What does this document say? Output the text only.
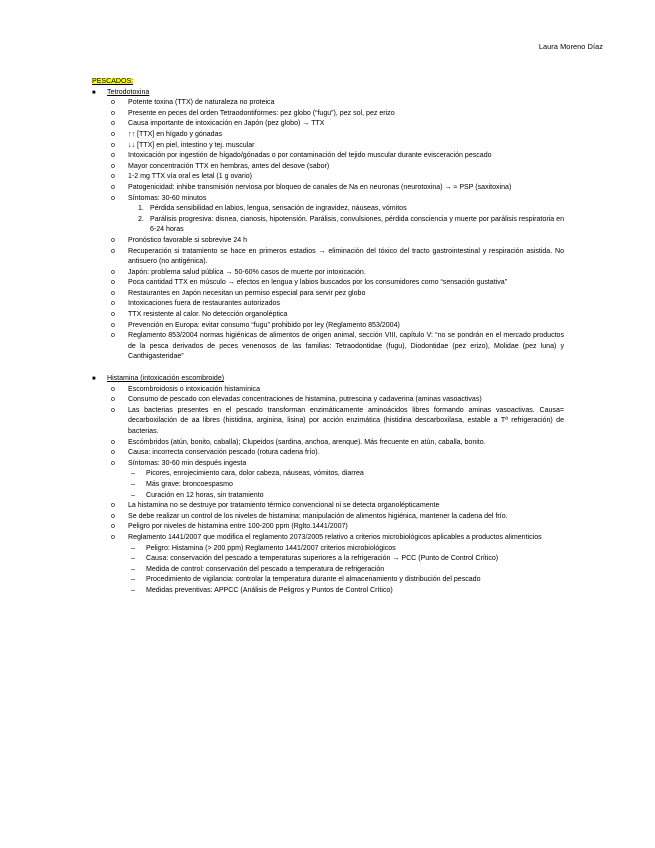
Laura Moreno Díaz

PESCADOS:

■ Tetrodotoxina
o Potente toxina (TTX) de naturaleza no proteica
o Presente en peces del orden Tetraodontiformes: pez globo (“fugu”), pez sol, pez erizo
o Causa importante de intoxicación en Japón (pez globo) → TTX
o ↑↑ [TTX] en hígado y gónadas
o ↓↓ [TTX] en piel, intestino y tej. muscular
o Intoxicación por ingestión de hígado/gónadas o por contaminación del tejido muscular durante evisceración pescado
o Mayor concentración TTX en hembras, antes del desove (sabor)
o 1-2 mg TTX vía oral es letal (1 g ovario)
o Patogenicidad: inhibe transmisión nerviosa por bloqueo de canales de Na en neuronas (neurotoxina) → ≈ PSP (saxitoxina)
o Síntomas: 30-60 minutos
1. Pérdida sensibilidad en labios, lengua, sensación de ingravidez, náuseas, vómitos
2. Parálisis progresiva: disnea, cianosis, hipotensión. Parálisis, convulsiones, pérdida consciencia y muerte por parálisis respiratoria en 6-24 horas
o Pronóstico favorable si sobrevive 24 h
o Recuperación si tratamiento se hace en primeros estadios → eliminación del tóxico del tracto gastrointestinal y respiración asistida. No antisuero (no antigénica).
o Japón: problema salud pública → 50-60% casos de muerte por intoxicación.
o Poca cantidad TTX en músculo → efectos en lengua y labios buscados por los consumidores como “sensación gustativa”
o Restaurantes en Japón necesitan un permiso especial para servir pez globo
o Intoxicaciones fuera de restaurantes autorizados
o TTX resistente al calor. No detección organoléptica
o Prevención en Europa: evitar consumo “fugu” prohibido por ley (Reglamento 853/2004)
o Reglamento 853/2004 normas higiénicas de alimentos de origen animal, sección VIII, capítulo V: “no se pondrán en el mercado productos de la pesca derivados de peces venenosos de las familias: Tetraodontidae (fugu), Diodontidae (pez erizo), Molidae (pez luna) y Canthigasteridae”
■ Histamina (intoxicación escombroide)
o Escombroidosis o intoxicación histamínica
o Consumo de pescado con elevadas concentraciones de histamina, putrescina y cadaverina (aminas vasoactivas)
o Las bacterias presentes en el pescado transforman enzimáticamente aminoácidos libres formando aminas vasoactivas. Causa= decarboxilación de aa libres (histidina, arginina, lisina) por acción enzimática (histidina descarboxilasa, estable a Tª refrigeración) de bacterias.
o Escómbridos (atún, bonito, caballa); Clupeidos (sardina, anchoa, arenque). Más frecuente en atún, caballa, bonito.
o Causa: incorrecta conservación pescado (rotura cadena frío).
o Síntomas: 30-60 min después ingesta
– Picores, enrojecimiento cara, dolor cabeza, náuseas, vómitos, diarrea
– Más grave: broncoespasmo
– Curación en 12 horas, sin tratamiento
o La histamina no se destruye por tratamiento térmico convencional ni se detecta organolépticamente
o Se debe realizar un control de los niveles de histamina: manipulación de alimentos higiénica, mantener la cadena del frío.
o Peligro por niveles de histamina entre 100-200 ppm (Rglto.1441/2007)
o Reglamento 1441/2007 que modifica el reglamento 2073/2005 relativo a criterios microbiológicos aplicables a productos alimenticios
– Peligro: Histamina (> 200 ppm) Reglamento 1441/2007 criterios microbiológicos
– Causa: conservación del pescado a temperaturas superiores a la refrigeración → PCC (Punto de Control Crítico)
– Medida de control: conservación del pescado a temperatura de refrigeración
– Procedimiento de vigilancia: controlar la temperatura durante el almacenamiento y distribución del pescado
– Medidas preventivas: APPCC (Análisis de Peligros y Puntos de Control Crítico)
